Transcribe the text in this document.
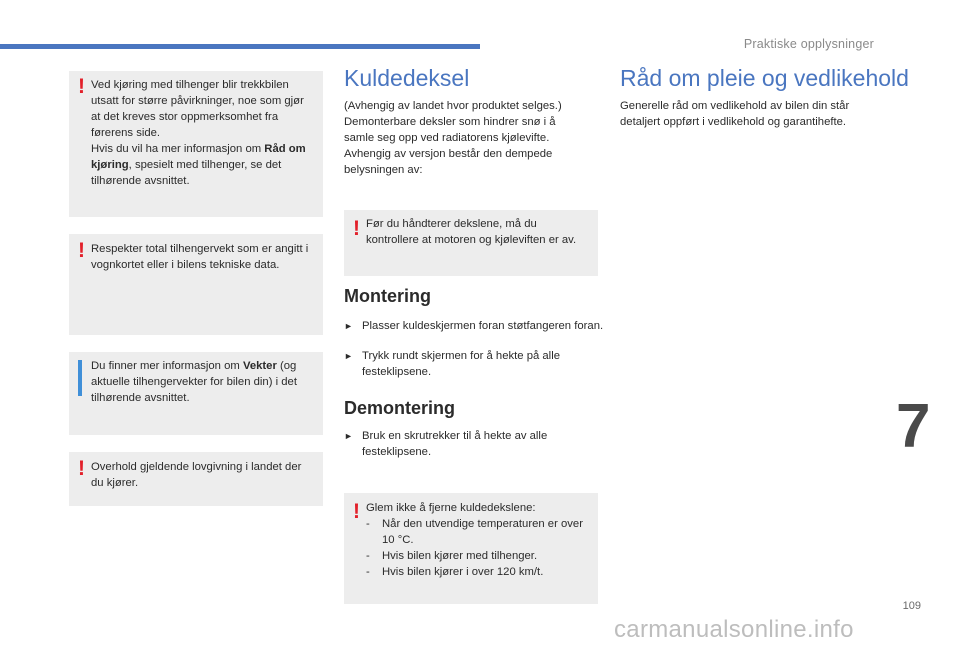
Praktiske opplysninger
! Ved kjøring med tilhenger blir trekkbilen utsatt for større påvirkninger, noe som gjør at det kreves stor oppmerksomhet fra førerens side.
Hvis du vil ha mer informasjon om Råd om kjøring, spesielt med tilhenger, se det tilhørende avsnittet.
! Respekter total tilhengervekt som er angitt i vognkortet eller i bilens tekniske data.
Du finner mer informasjon om Vekter (og aktuelle tilhengervekter for bilen din) i det tilhørende avsnittet.
! Overhold gjeldende lovgivning i landet der du kjører.
Kuldedeksel
(Avhengig av landet hvor produktet selges.) Demonterbare deksler som hindrer snø i å samle seg opp ved radiatorens kjølevifte. Avhengig av versjon består den dempede belysningen av:
! Før du håndterer dekslene, må du kontrollere at motoren og kjøleviften er av.
Montering
► Plasser kuldeskjermen foran støtfangeren foran.
► Trykk rundt skjermen for å hekte på alle festeklipsene.
Demontering
► Bruk en skrutrekker til å hekte av alle festeklipsene.
! Glem ikke å fjerne kuldedekslene:
- Når den utvendige temperaturen er over 10 °C.
- Hvis bilen kjører med tilhenger.
- Hvis bilen kjører i over 120 km/t.
Råd om pleie og vedlikehold
Generelle råd om vedlikehold av bilen din står detaljert oppført i vedlikehold og garantihefte.
7
109
carmanualsonline.info
